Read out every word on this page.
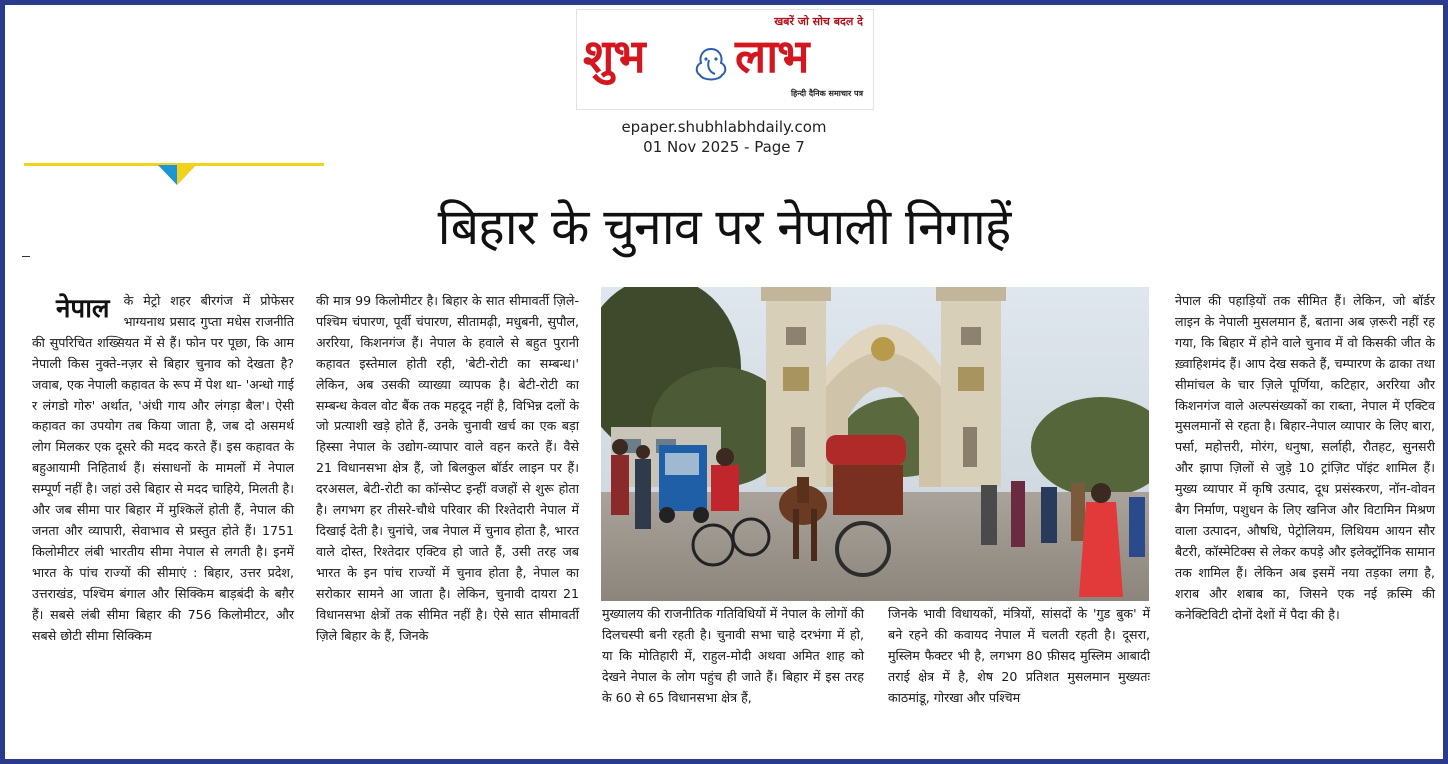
खबरें जो सोच बदल दे
शुभ लाभ
हिन्दी दैनिक समाचार पत्र
epaper.shubhlabhdaily.com
01 Nov 2025 - Page 7
बिहार के चुनाव पर नेपाली निगाहें
नेपाल	के मेट्रो शहर बीरगंज में प्रोफेसर भाग्यनाथ प्रसाद गुप्ता मधेस राजनीति की सुपरिचित शख्सियत में से हैं। फोन पर पूछा, कि आम नेपाली किस नुक्ते-नज़र से बिहार चुनाव को देखता है? जवाब, एक नेपाली कहावत के रूप में पेश था- 'अन्धो गाई र लंगडो गोरु' अर्थात, 'अंधी गाय और लंगड़ा बैल'। ऐसी कहावत का उपयोग तब किया जाता है, जब दो असमर्थ लोग मिलकर एक दूसरे की मदद करते हैं। इस कहावत के बहुआयामी निहितार्थ हैं। संसाधनों के मामलों में नेपाल सम्पूर्ण नहीं है। जहां उसे बिहार से मदद चाहिये, मिलती है। और जब सीमा पार बिहार में मुश्किलें होती हैं, नेपाल की जनता और व्यापारी, सेवाभाव से प्रस्तुत होते हैं। 1751 किलोमीटर लंबी भारतीय सीमा नेपाल से लगती है। इनमें भारत के पांच राज्यों की सीमाएं : बिहार, उत्तर प्रदेश, उत्तराखंड, पश्चिम बंगाल और सिक्किम बाड़बंदी के बग़ैर हैं। सबसे लंबी सीमा बिहार की 756 किलोमीटर, और सबसे छोटी सीमा सिक्किम

की मात्र 99 किलोमीटर है। बिहार के सात सीमावर्ती ज़िले- पश्चिम चंपारण, पूर्वी चंपारण, सीतामढ़ी, मधुबनी, सुपौल, अररिया, किशनगंज हैं। नेपाल के हवाले से बहुत पुरानी कहावत इस्तेमाल होती रही, 'बेटी-रोटी का सम्बन्ध।' लेकिन, अब उसकी व्याख्या व्यापक है। बेटी-रोटी का सम्बन्ध केवल वोट बैंक तक महदूद नहीं है, विभिन्न दलों के जो प्रत्याशी खड़े होते हैं, उनके चुनावी खर्च का एक बड़ा हिस्सा नेपाल के उद्योग-व्यापार वाले वहन करते हैं। वैसे 21 विधानसभा क्षेत्र हैं, जो बिलकुल बॉर्डर लाइन पर हैं। दरअसल, बेटी-रोटी का कॉन्सेप्ट इन्हीं वजहों से शुरू होता है। लगभग हर तीसरे-चौथे परिवार की रिश्तेदारी नेपाल में दिखाई देती है। चुनांचे, जब नेपाल में चुनाव होता है, भारत वाले दोस्त, रिश्तेदार एक्टिव हो जाते हैं, उसी तरह जब भारत के इन पांच राज्यों में चुनाव होता है, नेपाल का सरोकार सामने आ जाता है। लेकिन, चुनावी दायरा 21 विधानसभा क्षेत्रों तक सीमित नहीं है। ऐसे सात सीमावर्ती ज़िले बिहार के हैं, जिनके

मुख्यालय की राजनीतिक गतिविधियों में नेपाल के लोगों की दिलचस्पी बनी रहती है। चुनावी सभा चाहे दरभंगा में हो, या कि मोतिहारी में, राहुल-मोदी अथवा अमित शाह को देखने नेपाल के लोग पहुंच ही जाते हैं। बिहार में इस तरह के 60 से 65 विधानसभा क्षेत्र हैं,

जिनके भावी विधायकों, मंत्रियों, सांसदों के 'गुड बुक' में बने रहने की कवायद नेपाल में चलती रहती है। दूसरा, मुस्लिम फैक्टर भी है, लगभग 80 फ़ीसद मुस्लिम आबादी तराई क्षेत्र में है, शेष 20 प्रतिशत मुसलमान मुख्यतः काठमांडू, गोरखा और पश्चिम

नेपाल की पहाड़ियों तक सीमित हैं। लेकिन, जो बॉर्डर लाइन के नेपाली मुसलमान हैं, बताना अब ज़रूरी नहीं रह गया, कि बिहार में होने वाले चुनाव में वो किसकी जीत के ख़्वाहिशमंद हैं। आप देख सकते हैं, चम्पारण के ढाका तथा सीमांचल के चार ज़िले पूर्णिया, कटिहार, अररिया और किशनगंज वाले अल्पसंख्यकों का राब्ता, नेपाल में एक्टिव मुसलमानों से रहता है। बिहार-नेपाल व्यापार के लिए बारा, पर्सा, महोत्तरी, मोरंग, धनुषा, सर्लाही, रौतहट, सुनसरी और झापा ज़िलों से जुड़े 10 ट्रांज़िट पॉइंट शामिल हैं। मुख्य व्यापार में कृषि उत्पाद, दूध प्रसंस्करण, नॉन-वोवन बैग निर्माण, पशुधन के लिए खनिज और विटामिन मिश्रण वाला उत्पादन, औषधि, पेट्रोलियम, लिथियम आयन सौर बैटरी, कॉस्मेटिक्स से लेकर कपड़े और इलेक्ट्रॉनिक सामान तक शामिल हैं। लेकिन अब इसमें नया तड़का लगा है, शराब और शबाब का, जिसने एक नई क़स्मि की कनेक्टिविटी दोनों देशों में पैदा की है।
